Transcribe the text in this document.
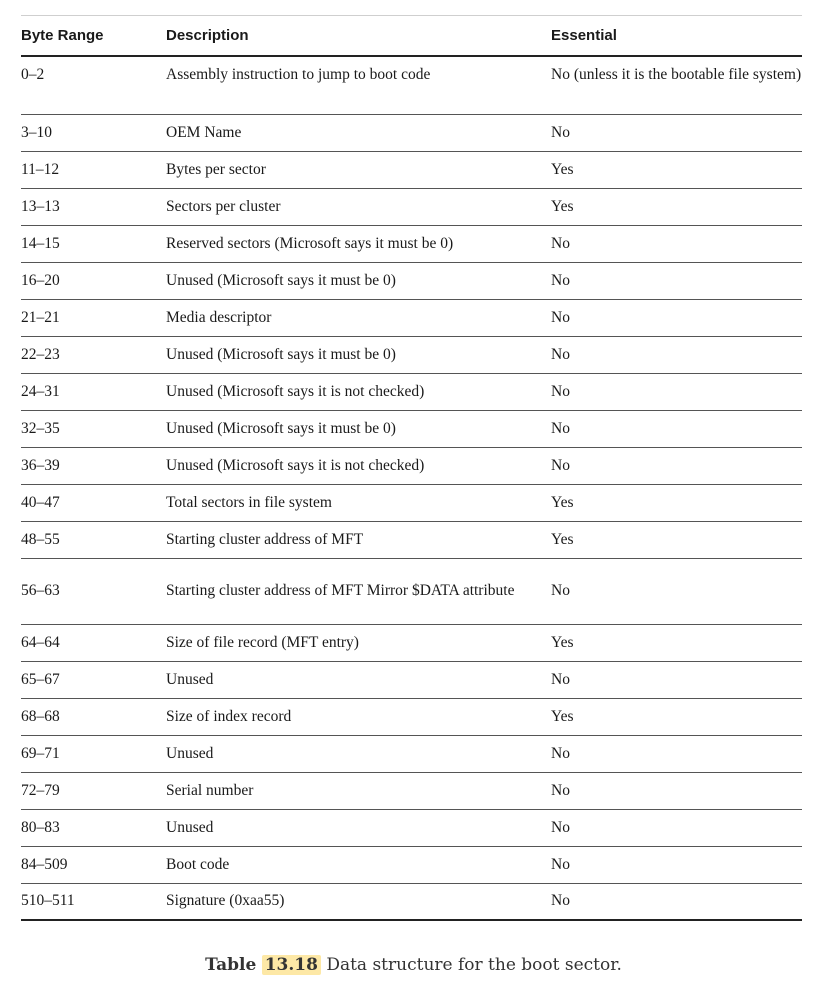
Byte Range	Description	Essential
0–2	Assembly instruction to jump to boot code	No (unless it is the bootable file system)
3–10	OEM Name	No
11–12	Bytes per sector	Yes
13–13	Sectors per cluster	Yes
14–15	Reserved sectors (Microsoft says it must be 0)	No
16–20	Unused (Microsoft says it must be 0)	No
21–21	Media descriptor	No
22–23	Unused (Microsoft says it must be 0)	No
24–31	Unused (Microsoft says it is not checked)	No
32–35	Unused (Microsoft says it must be 0)	No
36–39	Unused (Microsoft says it is not checked)	No
40–47	Total sectors in file system	Yes
48–55	Starting cluster address of MFT	Yes
56–63	Starting cluster address of MFT Mirror $DATA attribute	No
64–64	Size of file record (MFT entry)	Yes
65–67	Unused	No
68–68	Size of index record	Yes
69–71	Unused	No
72–79	Serial number	No
80–83	Unused	No
84–509	Boot code	No
510–511	Signature (0xaa55)	No
Table 13.18 Data structure for the boot sector.
